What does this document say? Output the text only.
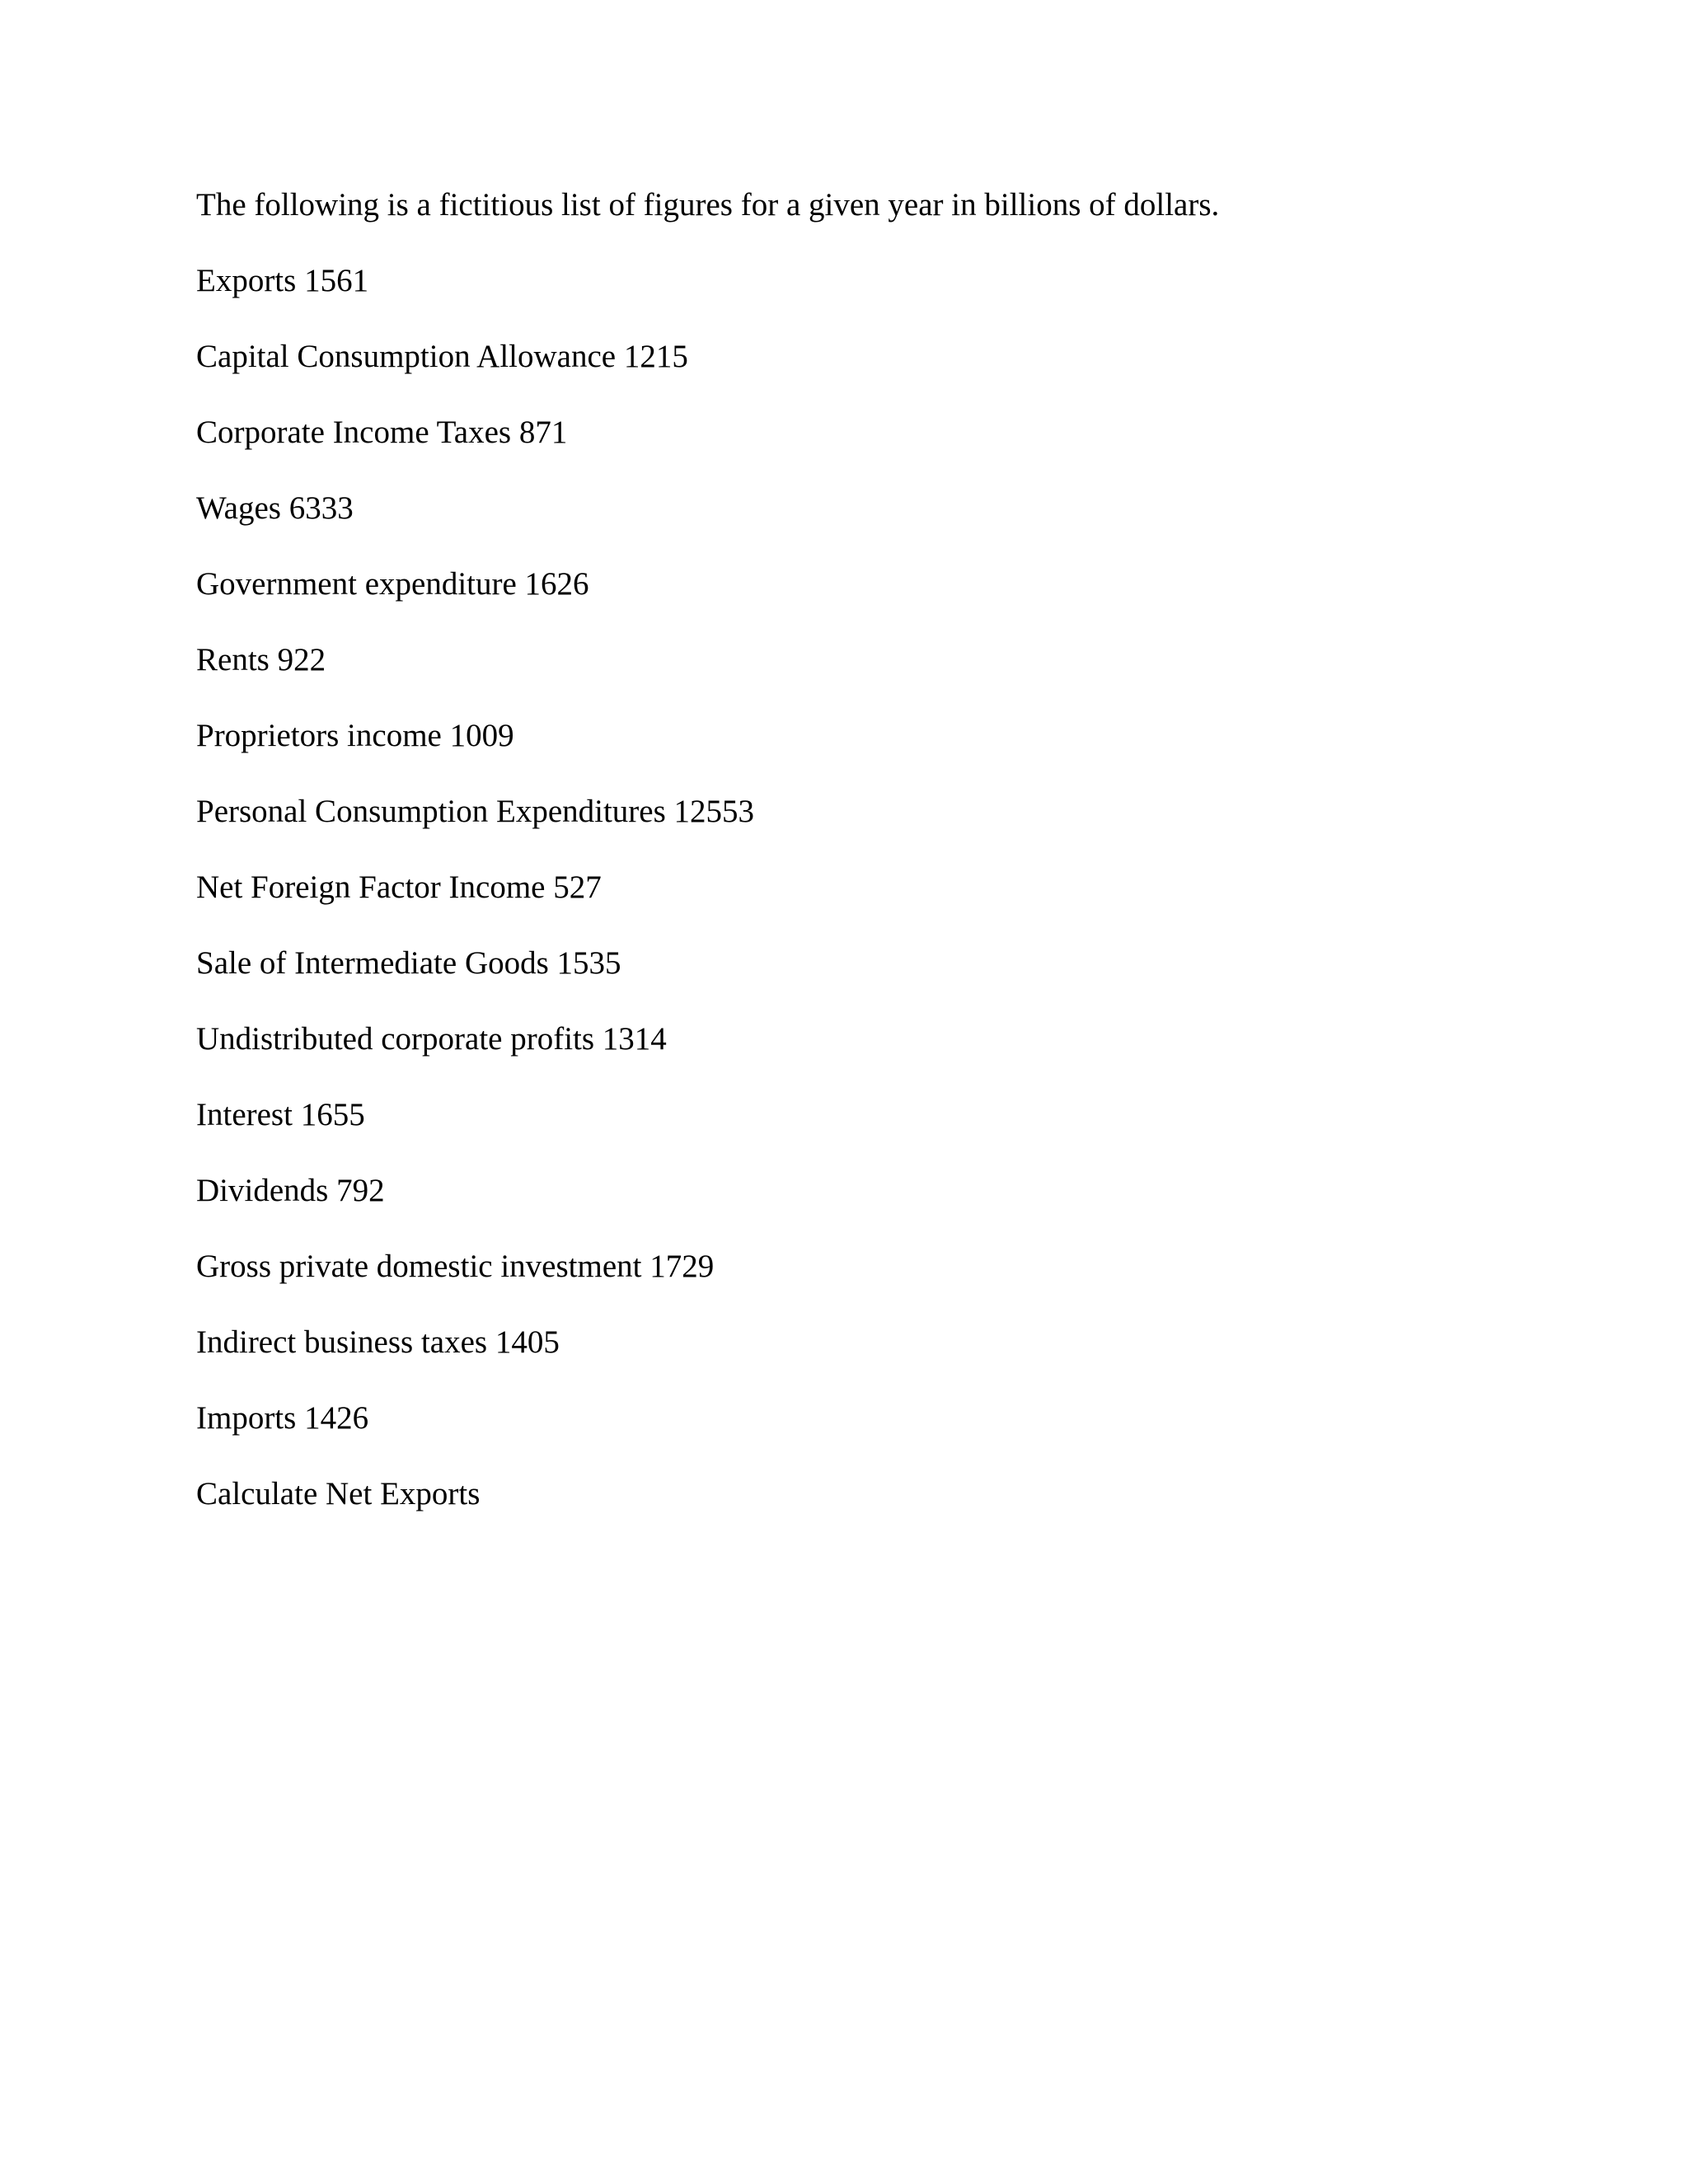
The following is a fictitious list of figures for a given year in billions of dollars.
Exports 1561
Capital Consumption Allowance 1215
Corporate Income Taxes 871
Wages 6333
Government expenditure 1626
Rents 922
Proprietors income 1009
Personal Consumption Expenditures 12553
Net Foreign Factor Income 527
Sale of Intermediate Goods 1535
Undistributed corporate profits 1314
Interest 1655
Dividends 792
Gross private domestic investment 1729
Indirect business taxes 1405
Imports 1426
Calculate Net Exports
